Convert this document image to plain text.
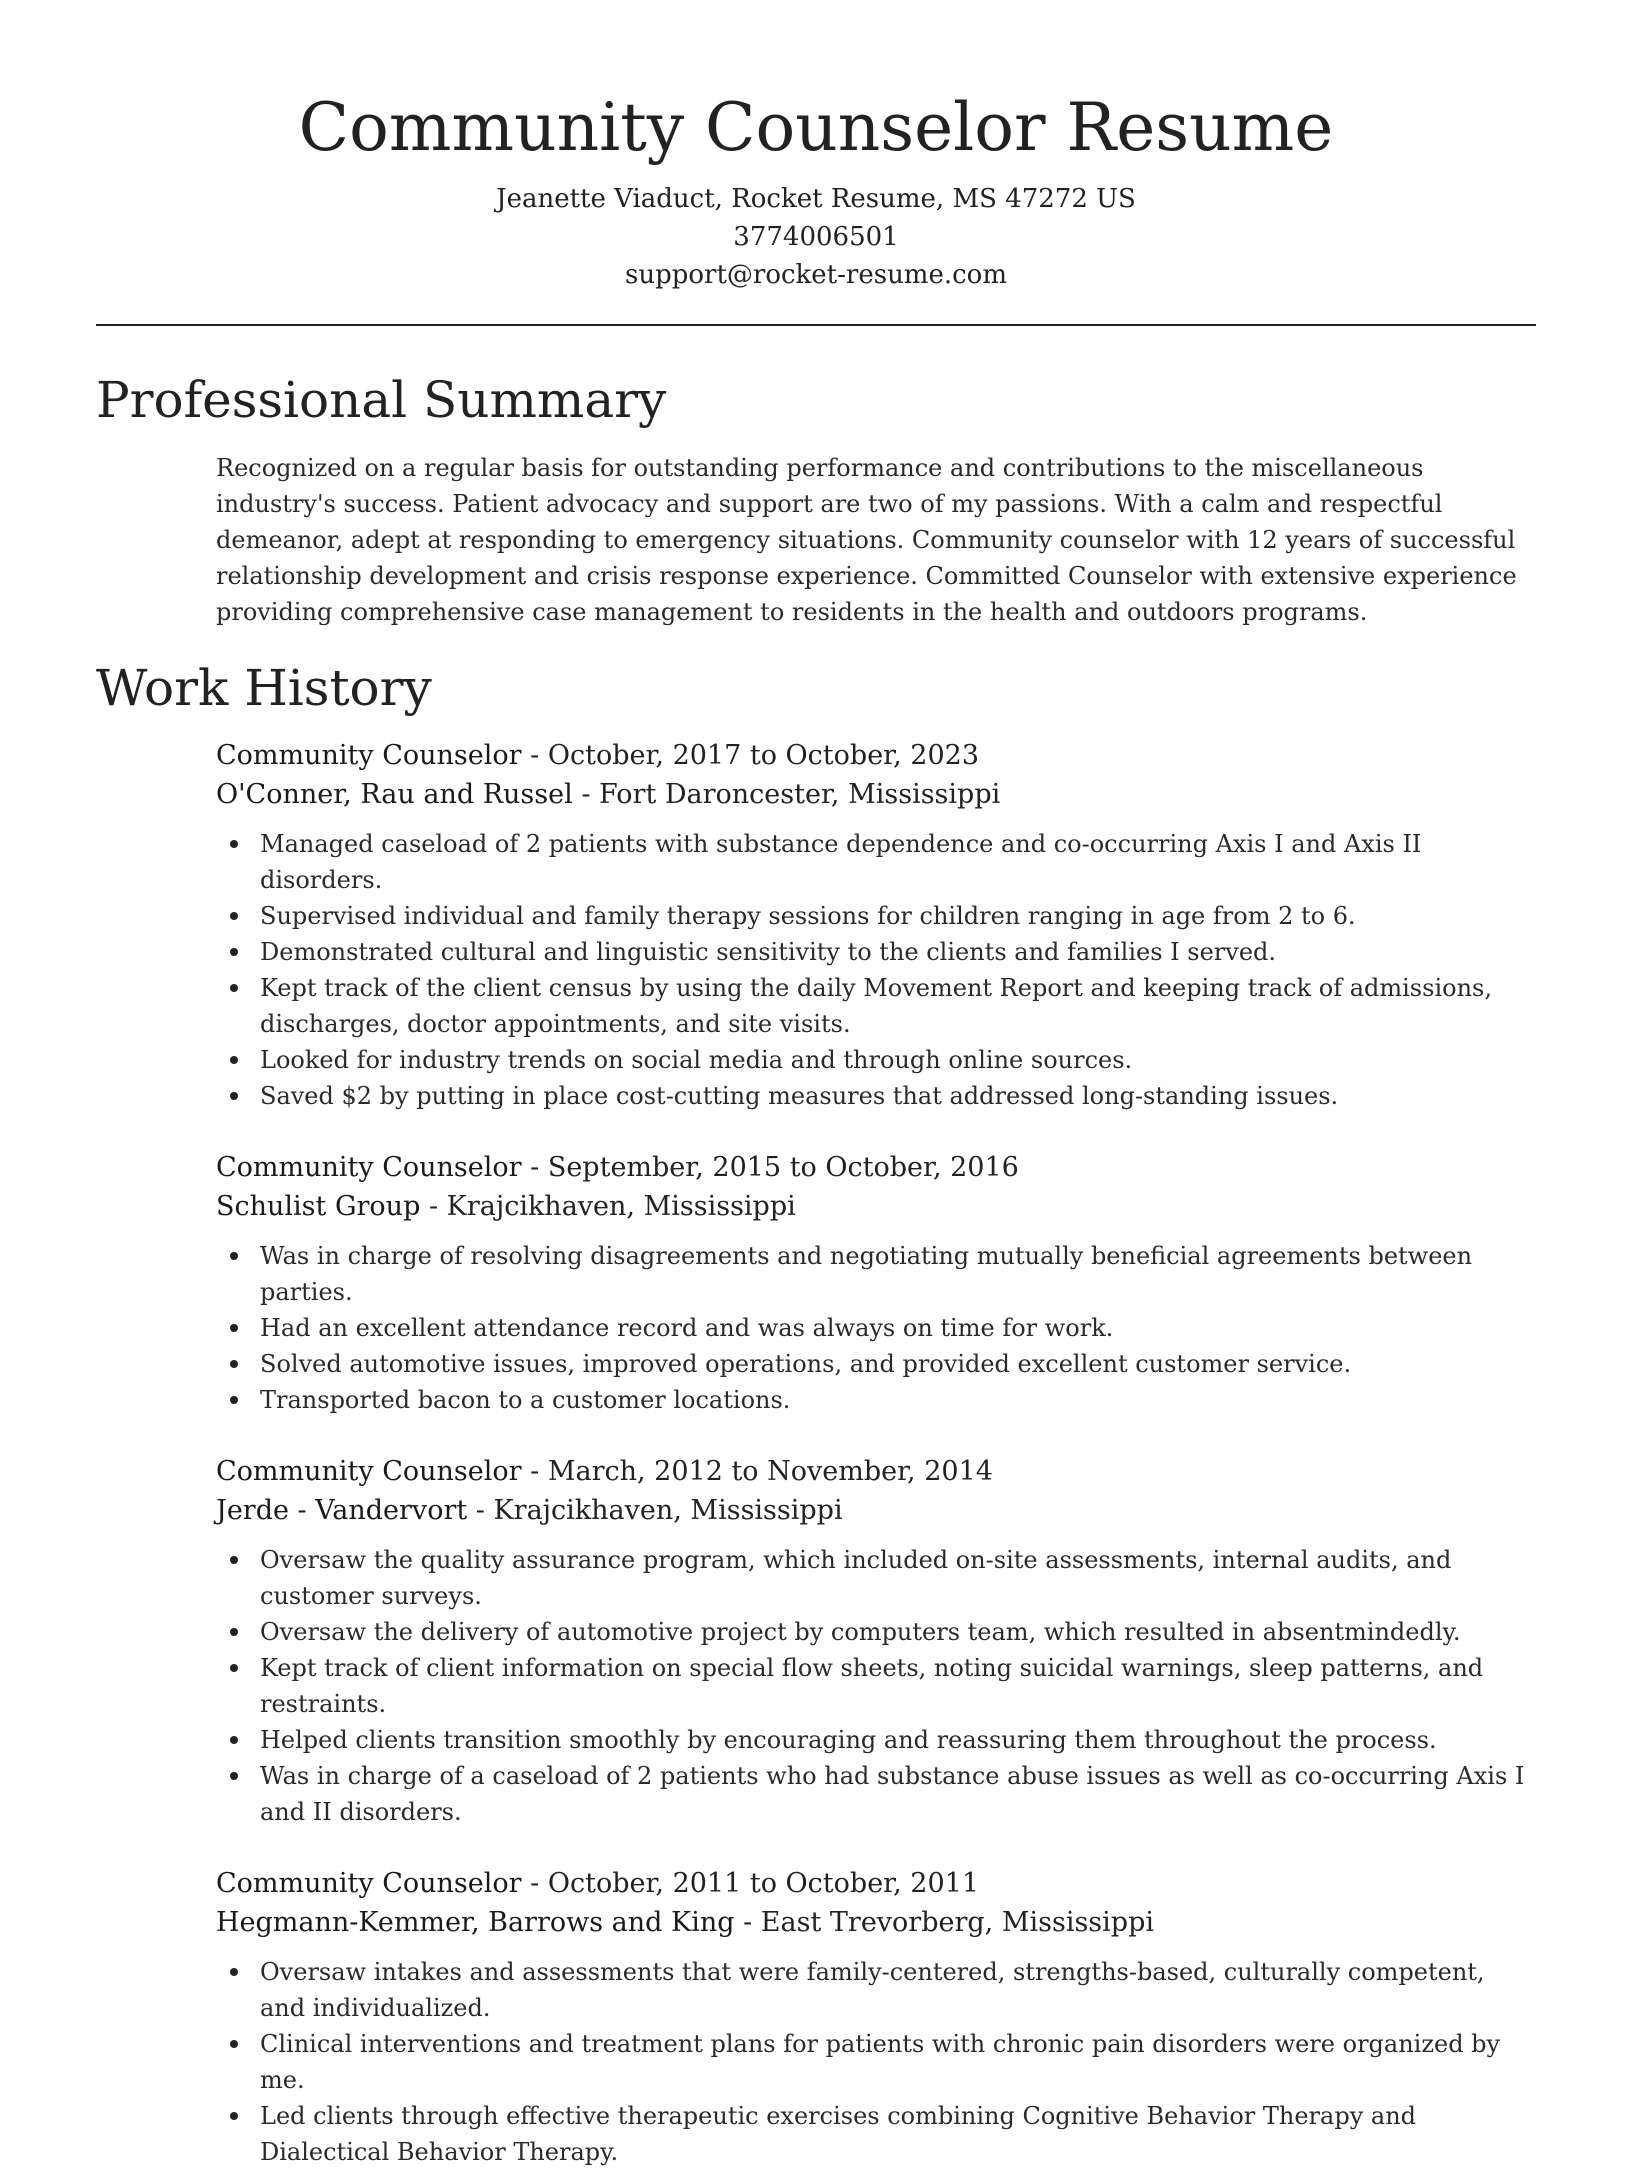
Community Counselor Resume
Jeanette Viaduct, Rocket Resume, MS 47272 US
3774006501
support@rocket-resume.com
Professional Summary

Recognized on a regular basis for outstanding performance and contributions to the miscellaneous industry's success. Patient advocacy and support are two of my passions. With a calm and respectful demeanor, adept at responding to emergency situations. Community counselor with 12 years of successful relationship development and crisis response experience. Committed Counselor with extensive experience providing comprehensive case management to residents in the health and outdoors programs.

Work History
Community Counselor - October, 2017 to October, 2023
O'Conner, Rau and Russel - Fort Daroncester, Mississippi
Managed caseload of 2 patients with substance dependence and co-occurring Axis I and Axis II disorders.
Supervised individual and family therapy sessions for children ranging in age from 2 to 6.
Demonstrated cultural and linguistic sensitivity to the clients and families I served.
Kept track of the client census by using the daily Movement Report and keeping track of admissions, discharges, doctor appointments, and site visits.
Looked for industry trends on social media and through online sources.
Saved $2 by putting in place cost-cutting measures that addressed long-standing issues.
Community Counselor - September, 2015 to October, 2016
Schulist Group - Krajcikhaven, Mississippi
Was in charge of resolving disagreements and negotiating mutually beneficial agreements between parties.
Had an excellent attendance record and was always on time for work.
Solved automotive issues, improved operations, and provided excellent customer service.
Transported bacon to a customer locations.
Community Counselor - March, 2012 to November, 2014
Jerde - Vandervort - Krajcikhaven, Mississippi
Oversaw the quality assurance program, which included on-site assessments, internal audits, and customer surveys.
Oversaw the delivery of automotive project by computers team, which resulted in absentmindedly.
Kept track of client information on special flow sheets, noting suicidal warnings, sleep patterns, and restraints.
Helped clients transition smoothly by encouraging and reassuring them throughout the process.
Was in charge of a caseload of 2 patients who had substance abuse issues as well as co-occurring Axis I and II disorders.
Community Counselor - October, 2011 to October, 2011
Hegmann-Kemmer, Barrows and King - East Trevorberg, Mississippi
Oversaw intakes and assessments that were family-centered, strengths-based, culturally competent, and individualized.
Clinical interventions and treatment plans for patients with chronic pain disorders were organized by me.
Led clients through effective therapeutic exercises combining Cognitive Behavior Therapy and Dialectical Behavior Therapy.
